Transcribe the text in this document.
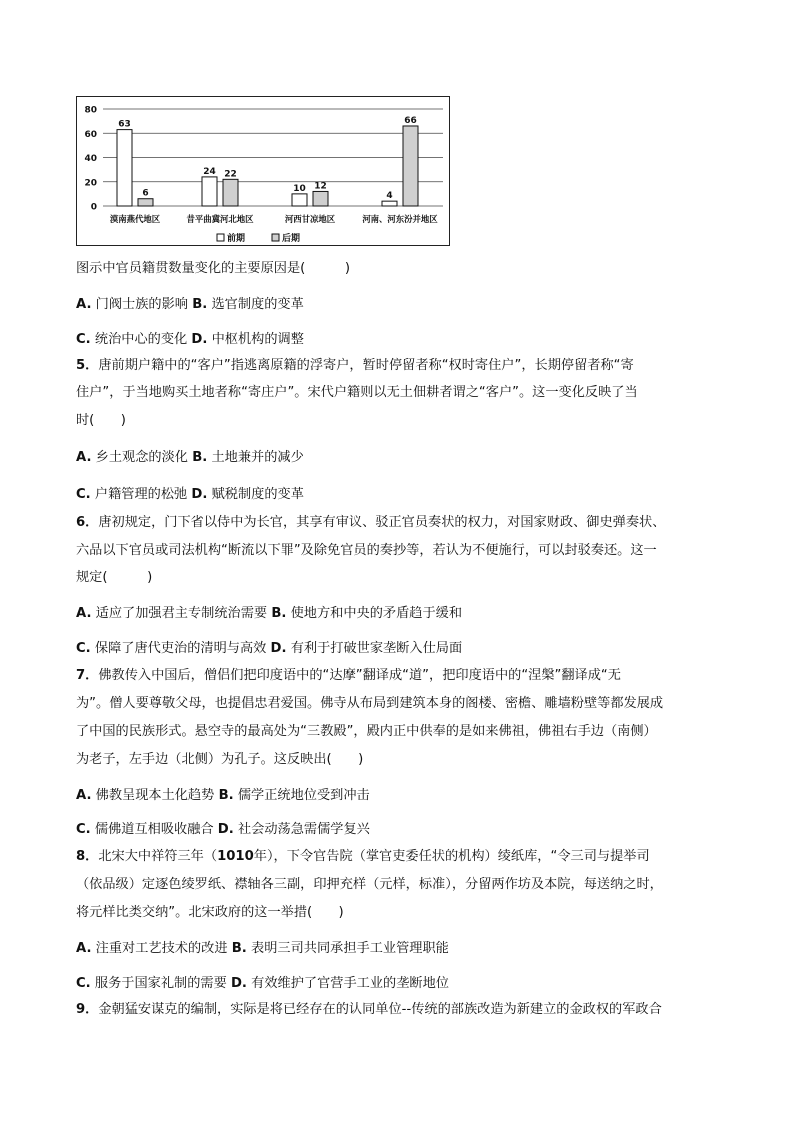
80
60
40
20
0
63
6
漠南燕代地区
24 22
昔平曲冀河北地区
10 12
河西甘凉地区
4
66
河南、河东汾并地区
前期	后期
图示中官员籍贯数量变化的主要原因是(　　　)
A. 门阀士族的影响 B. 选官制度的变革
C. 统治中心的变化 D. 中枢机构的调整
5．唐前期户籍中的“客户”指逃离原籍的浮寄户，暂时停留者称“权时寄住户”，长期停留者称“寄
住户”，于当地购买土地者称“寄庄户”。宋代户籍则以无土佃耕者谓之“客户”。这一变化反映了当
时(　　)
A. 乡土观念的淡化 B. 土地兼并的减少
C. 户籍管理的松弛 D. 赋税制度的变革
6．唐初规定，门下省以侍中为长官，其享有审议、驳正官员奏状的权力，对国家财政、御史弹奏状、
六品以下官员或司法机构“断流以下罪”及除免官员的奏抄等，若认为不便施行，可以封驳奏还。这一
规定(　　　)
A. 适应了加强君主专制统治需要 B. 使地方和中央的矛盾趋于缓和
C. 保障了唐代吏治的清明与高效 D. 有利于打破世家垄断入仕局面
7．佛教传入中国后，僧侣们把印度语中的“达摩”翻译成“道”，把印度语中的“涅槃”翻译成“无
为”。僧人要尊敬父母，也提倡忠君爱国。佛寺从布局到建筑本身的阁楼、密檐、雕墙粉壁等都发展成
了中国的民族形式。悬空寺的最高处为“三教殿”，殿内正中供奉的是如来佛祖，佛祖右手边（南侧）
为老子，左手边（北侧）为孔子。这反映出(　　)
A. 佛教呈现本土化趋势 B. 儒学正统地位受到冲击
C. 儒佛道互相吸收融合 D. 社会动荡急需儒学复兴
8．北宋大中祥符三年（1010年），下令官告院（掌官吏委任状的机构）绫纸库，“令三司与提举司
（依品级）定逐色绫罗纸、襟轴各三副，印押充样（元样，标准），分留两作坊及本院，每送纳之时，
将元样比类交纳”。北宋政府的这一举措(　　)
A. 注重对工艺技术的改进 B. 表明三司共同承担手工业管理职能
C. 服务于国家礼制的需要 D. 有效维护了官营手工业的垄断地位
9．金朝猛安谋克的编制，实际是将已经存在的认同单位--传统的部族改造为新建立的金政权的军政合
